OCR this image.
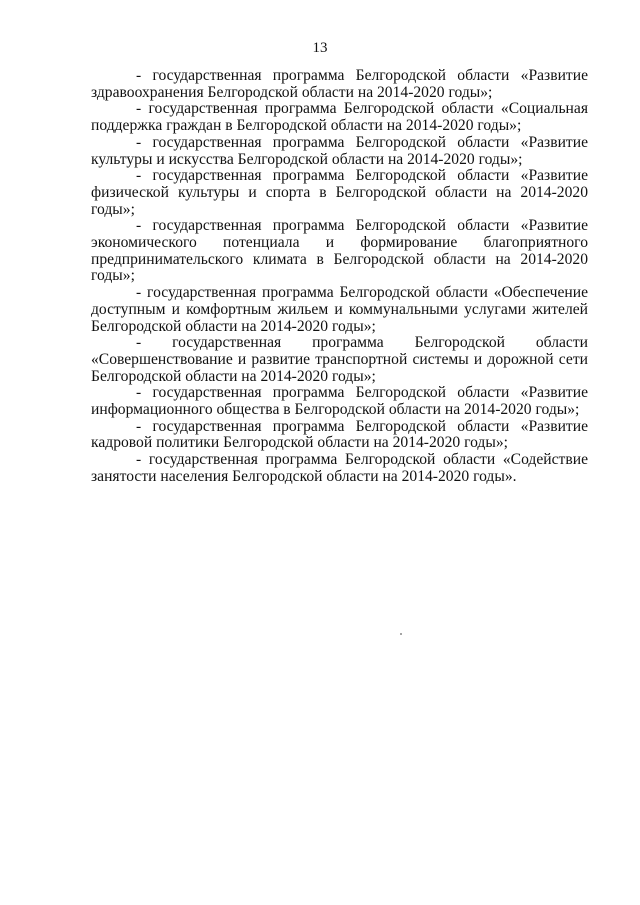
13

- государственная программа Белгородской области «Развитие здравоохранения Белгородской области на 2014-2020 годы»;

- государственная программа Белгородской области «Социальная поддержка граждан в Белгородской области на 2014-2020 годы»;

- государственная программа Белгородской области «Развитие культуры и искусства Белгородской области на 2014-2020 годы»;

- государственная программа Белгородской области «Развитие физической культуры и спорта в Белгородской области на 2014-2020 годы»;

- государственная программа Белгородской области «Развитие экономического потенциала и формирование благоприятного предпринимательского климата в Белгородской области на 2014-2020 годы»;

- государственная программа Белгородской области «Обеспечение доступным и комфортным жильем и коммунальными услугами жителей Белгородской области на 2014-2020 годы»;

- государственная программа Белгородской области «Совершенствование и развитие транспортной системы и дорожной сети Белгородской области на 2014-2020 годы»;

- государственная программа Белгородской области «Развитие информационного общества в Белгородской области на 2014-2020 годы»;

- государственная программа Белгородской области «Развитие кадровой политики Белгородской области на 2014-2020 годы»;

- государственная программа Белгородской области «Содействие занятости населения Белгородской области на 2014-2020 годы».
